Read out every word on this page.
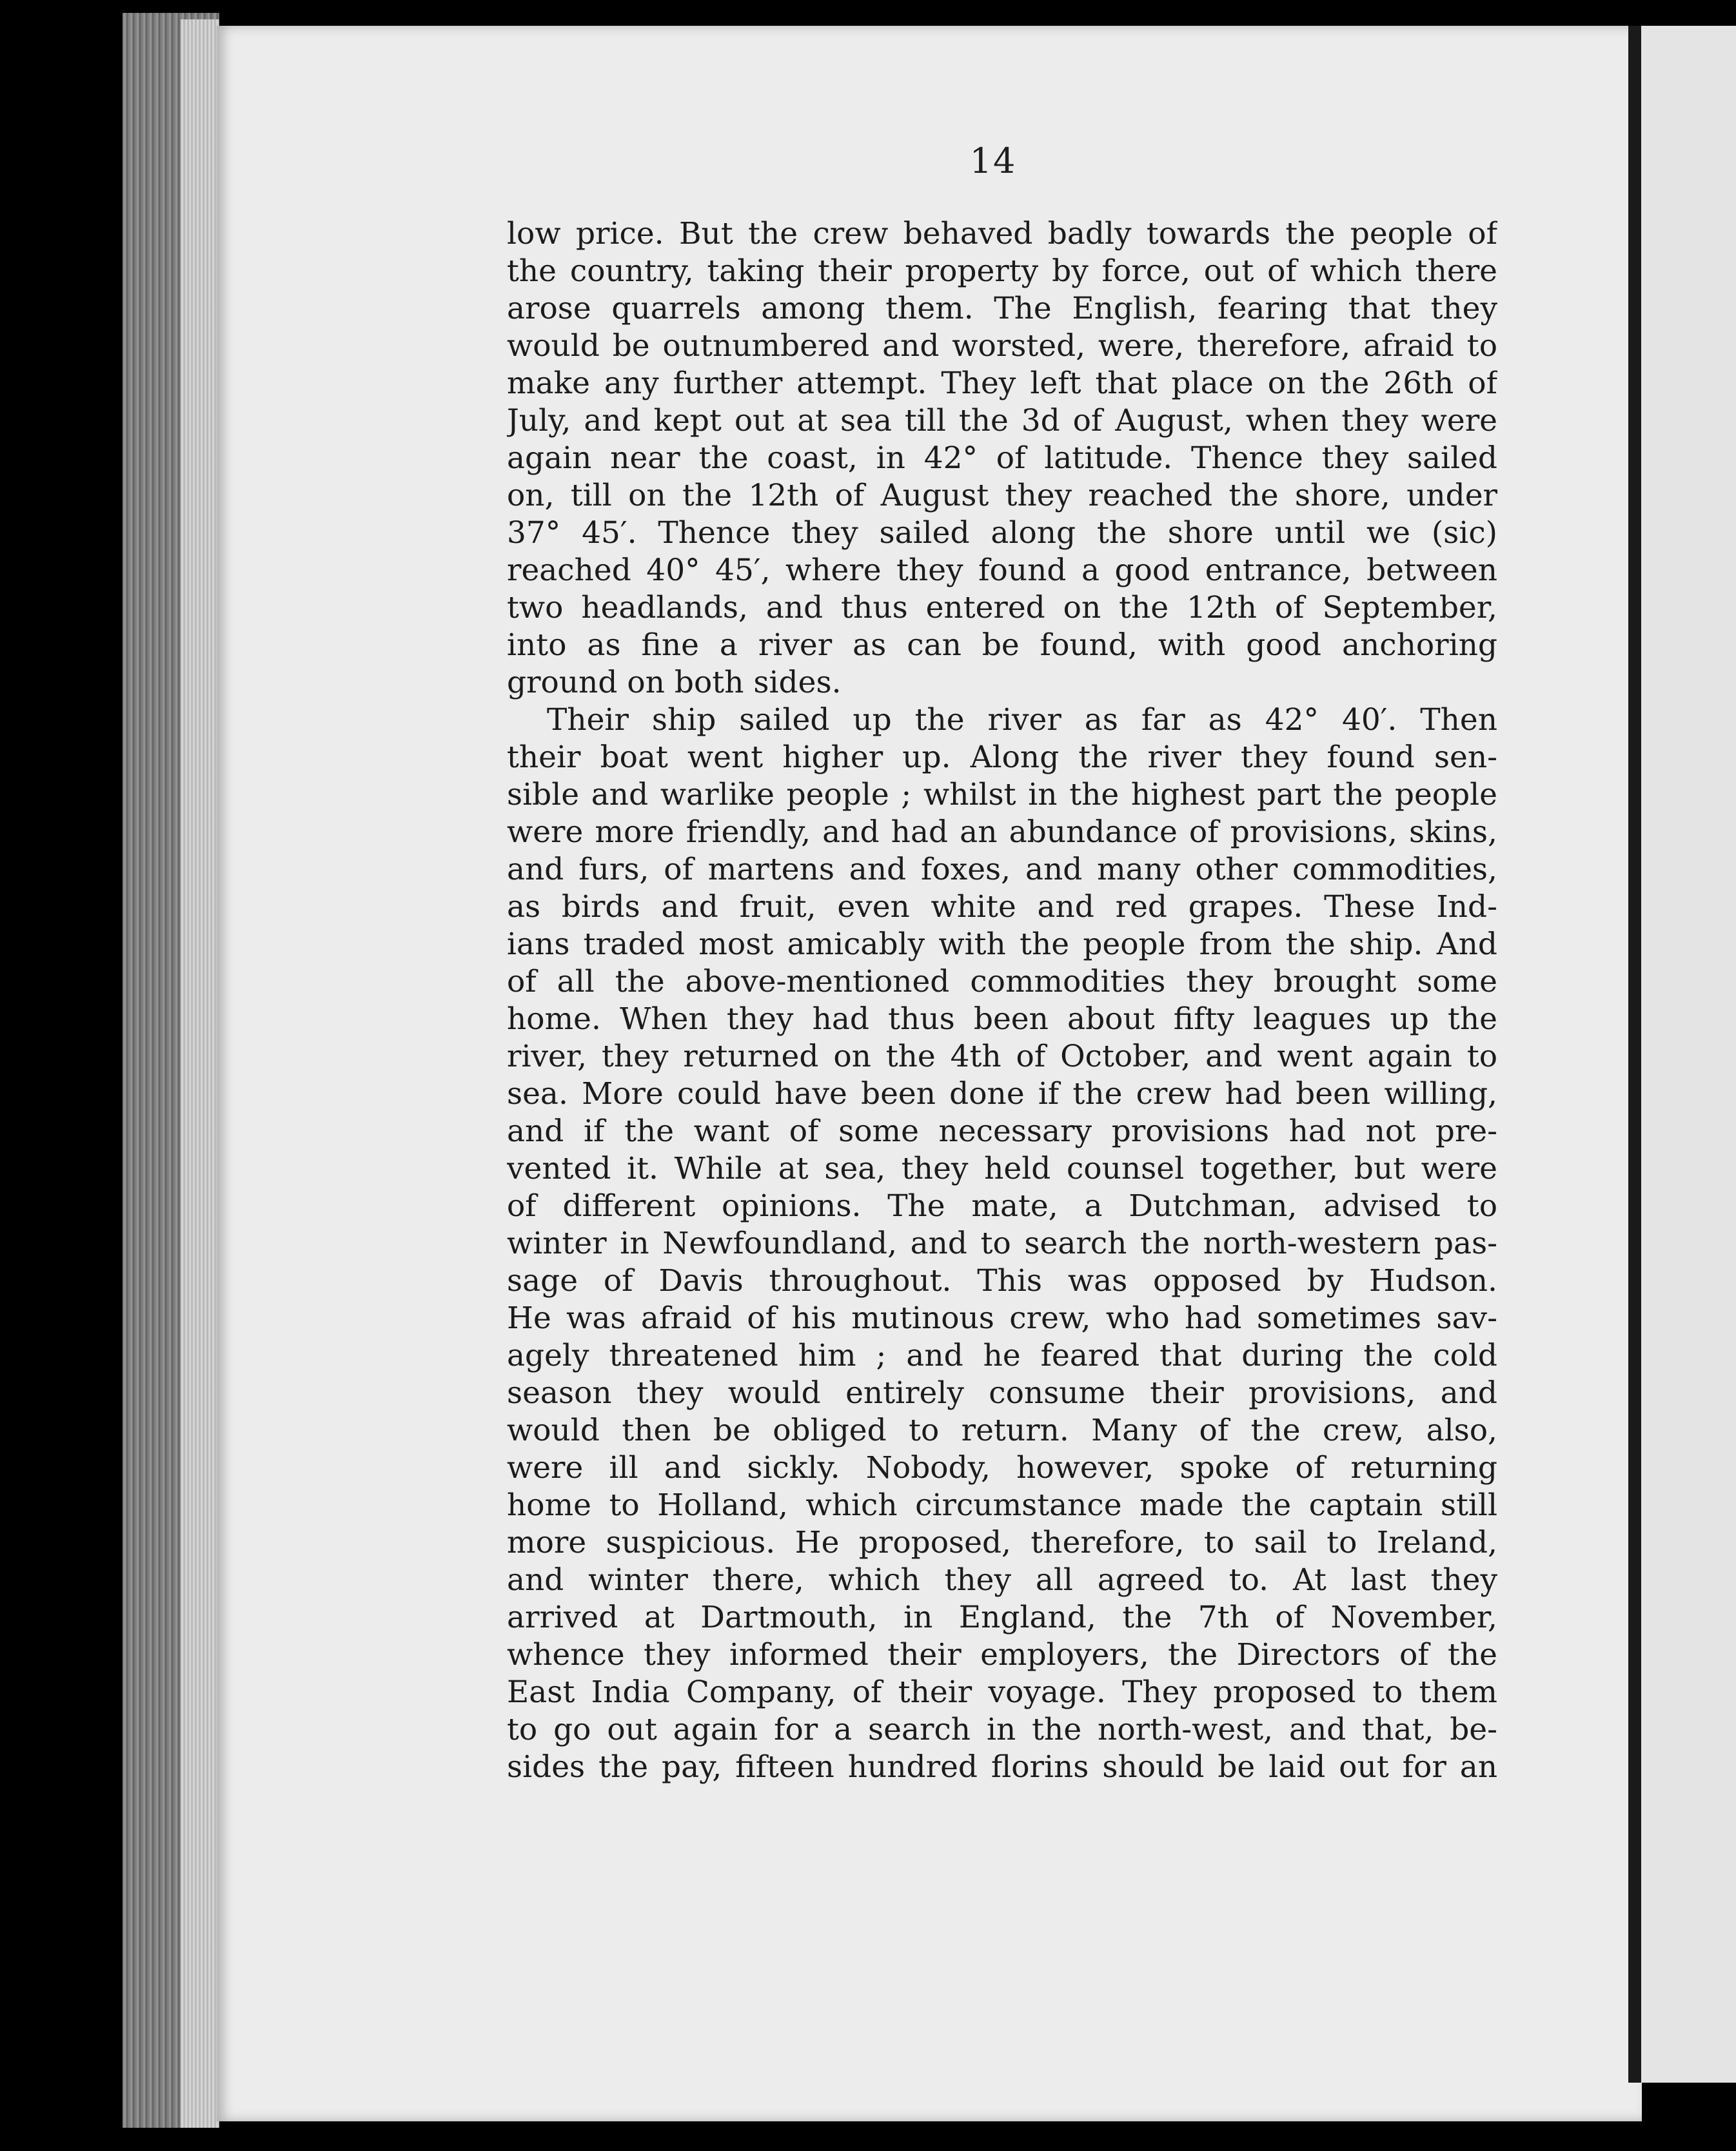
14
low price. But the crew behaved badly towards the people of
the country, taking their property by force, out of which there
arose quarrels among them. The English, fearing that they
would be outnumbered and worsted, were, therefore, afraid to
make any further attempt. They left that place on the 26th of
July, and kept out at sea till the 3d of August, when they were
again near the coast, in 42° of latitude. Thence they sailed
on, till on the 12th of August they reached the shore, under
37° 45′. Thence they sailed along the shore until we (sic)
reached 40° 45′, where they found a good entrance, between
two headlands, and thus entered on the 12th of September,
into as fine a river as can be found, with good anchoring
ground on both sides.
Their ship sailed up the river as far as 42° 40′. Then
their boat went higher up. Along the river they found sen-
sible and warlike people ; whilst in the highest part the people
were more friendly, and had an abundance of provisions, skins,
and furs, of martens and foxes, and many other commodities,
as birds and fruit, even white and red grapes. These Ind-
ians traded most amicably with the people from the ship. And
of all the above-mentioned commodities they brought some
home. When they had thus been about fifty leagues up the
river, they returned on the 4th of October, and went again to
sea. More could have been done if the crew had been willing,
and if the want of some necessary provisions had not pre-
vented it. While at sea, they held counsel together, but were
of different opinions. The mate, a Dutchman, advised to
winter in Newfoundland, and to search the north-western pas-
sage of Davis throughout. This was opposed by Hudson.
He was afraid of his mutinous crew, who had sometimes sav-
agely threatened him ; and he feared that during the cold
season they would entirely consume their provisions, and
would then be obliged to return. Many of the crew, also,
were ill and sickly. Nobody, however, spoke of returning
home to Holland, which circumstance made the captain still
more suspicious. He proposed, therefore, to sail to Ireland,
and winter there, which they all agreed to. At last they
arrived at Dartmouth, in England, the 7th of November,
whence they informed their employers, the Directors of the
East India Company, of their voyage. They proposed to them
to go out again for a search in the north-west, and that, be-
sides the pay, fifteen hundred florins should be laid out for an
